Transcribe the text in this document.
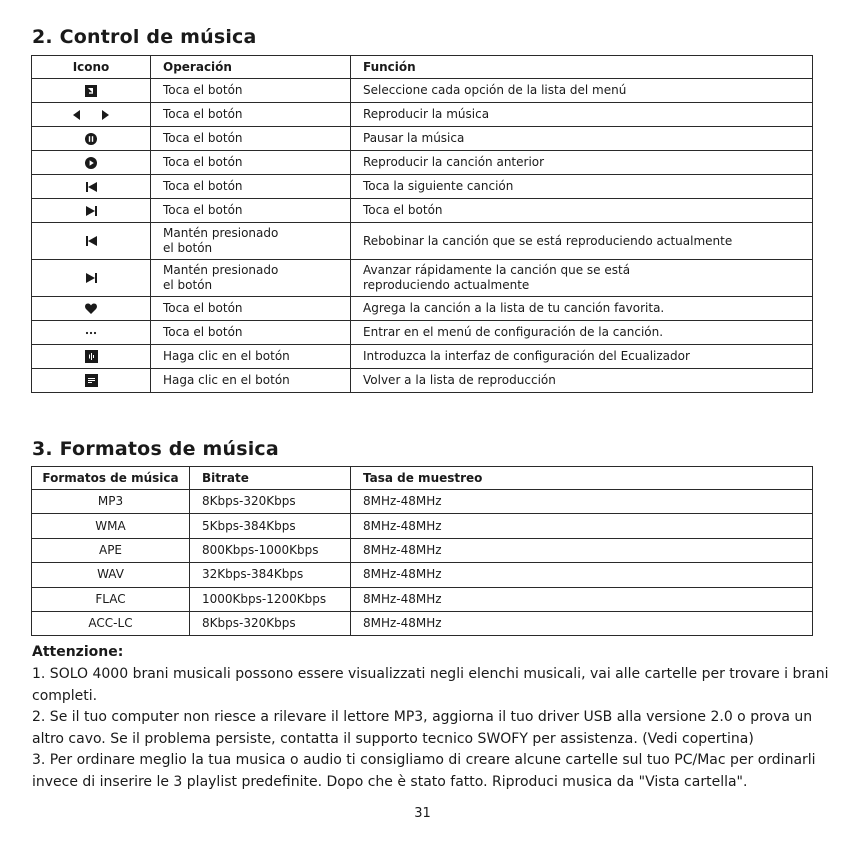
2. Control de música
Icono	Operación	Función

	Toca el botón	Seleccione cada opción de la lista del menú

	Toca el botón	Reproducir la música

	Toca el botón	Pausar la música

	Toca el botón	Reproducir la canción anterior

	Toca el botón	Toca la siguiente canción

	Toca el botón	Toca el botón

	Mantén presionado el botón	Rebobinar la canción que se está reproduciendo actualmente

	Mantén presionado el botón	Avanzar rápidamente la canción que se está reproduciendo actualmente

	Toca el botón	Agrega la canción a la lista de tu canción favorita.

	Toca el botón	Entrar en el menú de configuración de la canción.

	Haga clic en el botón	Introduzca la interfaz de configuración del Ecualizador

	Haga clic en el botón	Volver a la lista de reproducción
3. Formatos de música
Formatos de música	Bitrate	Tasa de muestreo
MP3	8Kbps-320Kbps	8MHz-48MHz
WMA	5Kbps-384Kbps	8MHz-48MHz
APE	800Kbps-1000Kbps	8MHz-48MHz
WAV	32Kbps-384Kbps	8MHz-48MHz
FLAC	1000Kbps-1200Kbps	8MHz-48MHz
ACC-LC	8Kbps-320Kbps	8MHz-48MHz
Attenzione:

1. SOLO 4000 brani musicali possono essere visualizzati negli elenchi musicali, vai alle cartelle per trovare i brani completi.

2. Se il tuo computer non riesce a rilevare il lettore MP3, aggiorna il tuo driver USB alla versione 2.0 o prova un altro cavo. Se il problema persiste, contatta il supporto tecnico SWOFY per assistenza. (Vedi copertina)

3. Per ordinare meglio la tua musica o audio ti consigliamo di creare alcune cartelle sul tuo PC/Mac per ordinarli invece di inserire le 3 playlist predefinite. Dopo che è stato fatto. Riproduci musica da "Vista cartella".

31
